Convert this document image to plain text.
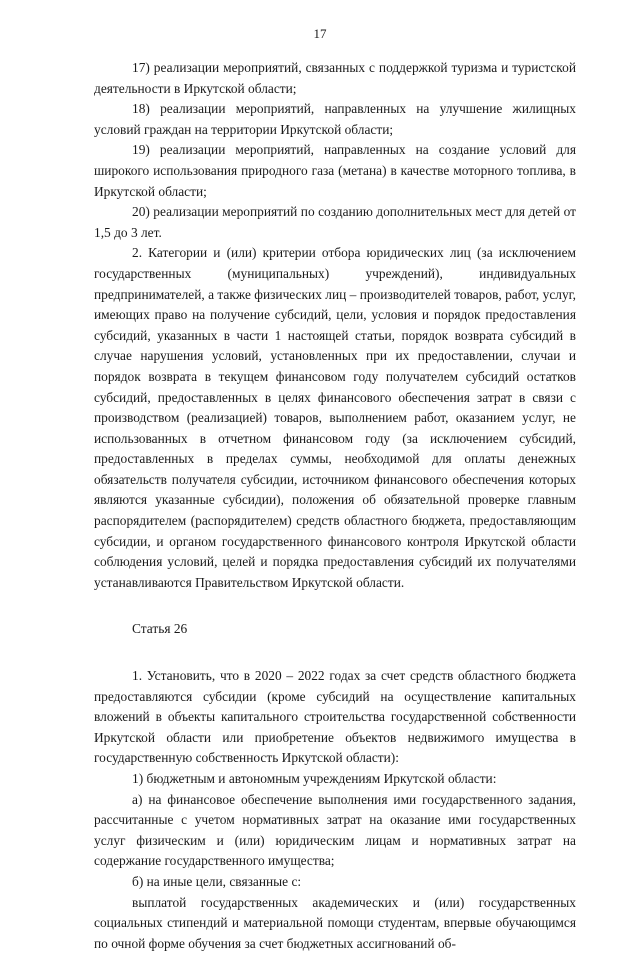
17

17) реализации мероприятий, связанных с поддержкой туризма и туристской деятельности в Иркутской области;

18) реализации мероприятий, направленных на улучшение жилищных условий граждан на территории Иркутской области;

19) реализации мероприятий, направленных на создание условий для широкого использования природного газа (метана) в качестве моторного топлива, в Иркутской области;

20) реализации мероприятий по созданию дополнительных мест для детей от 1,5 до 3 лет.

2. Категории и (или) критерии отбора юридических лиц (за исключением государственных (муниципальных) учреждений), индивидуальных предпринимателей, а также физических лиц – производителей товаров, работ, услуг, имеющих право на получение субсидий, цели, условия и порядок предоставления субсидий, указанных в части 1 настоящей статьи, порядок возврата субсидий в случае нарушения условий, установленных при их предоставлении, случаи и порядок возврата в текущем финансовом году получателем субсидий остатков субсидий, предоставленных в целях финансового обеспечения затрат в связи с производством (реализацией) товаров, выполнением работ, оказанием услуг, не использованных в отчетном финансовом году (за исключением субсидий, предоставленных в пределах суммы, необходимой для оплаты денежных обязательств получателя субсидии, источником финансового обеспечения которых являются указанные субсидии), положения об обязательной проверке главным распорядителем (распорядителем) средств областного бюджета, предоставляющим субсидии, и органом государственного финансового контроля Иркутской области соблюдения условий, целей и порядка предоставления субсидий их получателями устанавливаются Правительством Иркутской области.

Статья 26

1. Установить, что в 2020 – 2022 годах за счет средств областного бюджета предоставляются субсидии (кроме субсидий на осуществление капитальных вложений в объекты капитального строительства государственной собственности Иркутской области или приобретение объектов недвижимого имущества в государственную собственность Иркутской области):

1) бюджетным и автономным учреждениям Иркутской области:

а) на финансовое обеспечение выполнения ими государственного задания, рассчитанные с учетом нормативных затрат на оказание ими государственных услуг физическим и (или) юридическим лицам и нормативных затрат на содержание государственного имущества;

б) на иные цели, связанные с:

выплатой государственных академических и (или) государственных социальных стипендий и материальной помощи студентам, впервые обучающимся по очной форме обучения за счет бюджетных ассигнований об-
